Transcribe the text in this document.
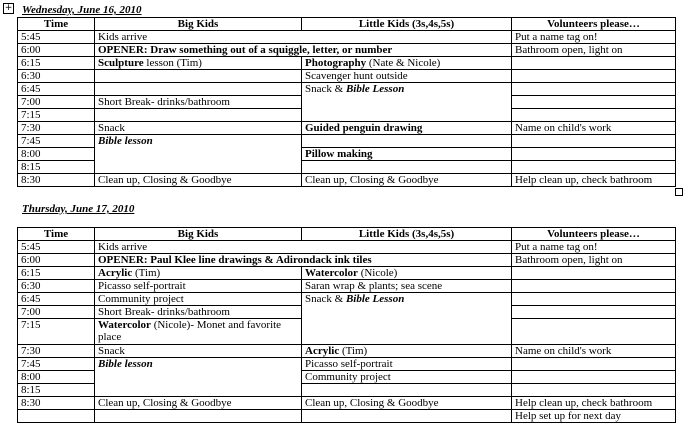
+ Wednesday, June 16, 2010
Time	Big Kids	Little Kids (3s,4s,5s)	Volunteers please…
5:45	Kids arrive		Put a name tag on!
6:00	OPENER: Draw something out of a squiggle, letter, or number		Bathroom open, light on
6:15	Sculpture lesson (Tim)	Photography (Nate & Nicole)	
6:30		Scavenger hunt outside	
6:45		Snack & Bible Lesson	
7:00	Short Break- drinks/bathroom		
7:15			
7:30	Snack	Guided penguin drawing	Name on child's work
7:45	Bible lesson		
8:00		Pillow making	
8:15			
8:30	Clean up, Closing & Goodbye	Clean up, Closing & Goodbye	Help clean up, check bathroom
Thursday, June 17, 2010
Time	Big Kids	Little Kids (3s,4s,5s)	Volunteers please…
5:45	Kids arrive		Put a name tag on!
6:00	OPENER: Paul Klee line drawings & Adirondack ink tiles		Bathroom open, light on
6:15	Acrylic (Tim)	Watercolor (Nicole)	
6:30	Picasso self-portrait	Saran wrap & plants; sea scene	
6:45	Community project	Snack & Bible Lesson	
7:00	Short Break- drinks/bathroom		
7:15	Watercolor (Nicole)- Monet and favorite place		
7:30	Snack	Acrylic (Tim)	Name on child's work
7:45	Bible lesson	Picasso self-portrait	
8:00		Community project	
8:15			
8:30	Clean up, Closing & Goodbye	Clean up, Closing & Goodbye	Help clean up, check bathroom
			Help set up for next day
